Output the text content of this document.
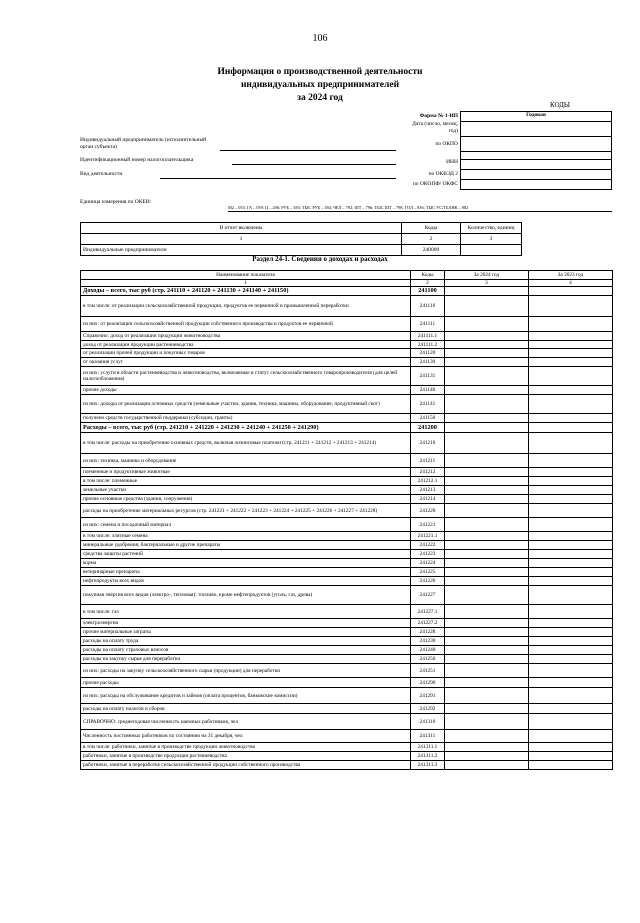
106
Информация о производственной деятельности
индивидуальных предпринимателей
за 2024 год
КОДЫ
Форма № 1-ИП	Годовая
Дата (число, месяц, год)
по ОКПО
ИНН
по ОКВЭД 2
по ОКОПФ/ ОКФС
Индивидуальный предприниматель (исполнительный орган субъекта)
Идентификационный номер налогоплательщика
Вид деятельности
Единица измерения по ОКЕИ:
М2 – 055; ГА – 059; Ц – 206; РУБ – 383; ТЫС РУБ – 384; ЧЕЛ – 792; ШТ – 796; ТЫС ШТ – 798; ГОЛ – 836; ТЫС УСЛ БАНК – 882
В отчет включены	Коды	Количество, единиц	
1	2	3	
Индивидуальные предприниматели	240000		
Раздел 24-1. Сведения о доходах и расходах
Наименование показателя	Коды	За 2024 год	За 2023 год
1	2	3	4
Доходы – всего, тыс руб (стр. 241110 + 241120 + 241130 + 241140 + 241150)	241100		
в том числе: от реализации сельскохозяйственной продукции, продуктов ее первичной и промышленной переработки	241110		
из них: от реализации сельскохозяйственной продукции собственного производства и продуктов ее первичной	241111		
Справочно: доход от реализации продукции животноводства	241111.1		
доход от реализации продукции растениеводства	241111.2		
от реализации прочей продукции и покупных товаров	241120		
от оказания услуг	241130		
из них: услуги в области растениеводства и животноводства, включаемые в статус сельскохозяйственного товаропроизводителя (для целей налогообложения)	241131		
прочие доходы	241140		
из них: доходы от реализации основных средств (земельные участки, здания, техника, машины, оборудование, продуктивный скот)	241141		
получено средств государственной поддержки (субсидии, гранты)	241150		
Расходы – всего, тыс руб (стр. 241210 + 241220 + 241230 + 241240 + 241250 + 241290)	241200		
в том числе: расходы на приобретение основных средств, включая лизинговые платежи (стр. 241211 + 241212 + 241213 + 241214)	241210		
из них: техника, машины и оборудование	241211		
племенные и продуктивные животные	241212		
в том числе: племенные	241212.1		
земельные участки	241213		
прочие основные средства (здания, сооружения)	241214		
расходы на приобретение материальных ресурсов (стр. 241221 + 241222 + 241223 + 241224 + 241225 + 241226 + 241227 + 241228)	241220		
из них: семена и посадочный материал	241221		
в том числе: элитные семена	241221.1		
минеральные удобрения, бактериальные и другие препараты	241222		
средства защиты растений	241223		
корма	241224		
ветеринарные препараты	241225		
нефтепродукты всех видов	241226		
покупная энергия всех видов (электро-, тепловая); топливо, кроме нефтепродуктов (уголь, газ, дрова)	241227		
в том числе: газ	241227.1		
электроэнергия	241227.2		
прочие материальные затраты	241228		
расходы на оплату труда	241230		
расходы на оплату страховых взносов	241240		
расходы на закупку сырья для переработки	241250		
из них: расходы на закупку сельскохозяйственного сырья (продукции) для переработки	241251		
прочие расходы	241290		
из них: расходы на обслуживание кредитов и займов (оплата процентов, банковские комиссии)	241291		
расходы на оплату налогов и сборов	241292		
СПРАВОЧНО: среднегодовая численность наемных работников, чел	241310		
Численность постоянных работников по состоянию на 31 декабря, чел	241311		
в том числе: работники, занятые в производстве продукции животноводства	241311.1		
работники, занятые в производстве продукции растениеводства	241311.2		
работники, занятые в переработке сельскохозяйственной продукции собственного производства	241311.3		
